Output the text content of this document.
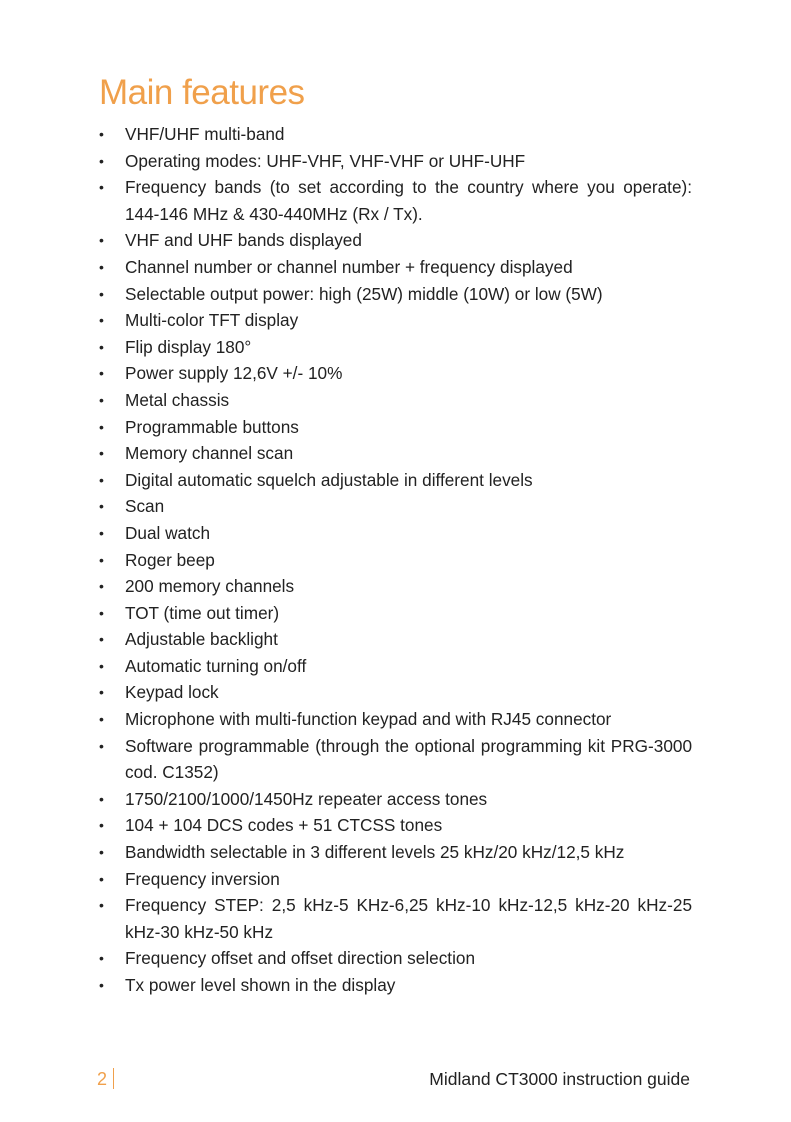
Main features
• VHF/UHF multi-band
• Operating modes: UHF-VHF, VHF-VHF or UHF-UHF
• Frequency bands (to set according to the country where you operate): 144-146 MHz & 430-440MHz (Rx / Tx).
• VHF and UHF bands displayed
• Channel number or channel number + frequency displayed
• Selectable output power: high (25W) middle (10W) or low (5W)
• Multi-color TFT display
• Flip display 180°
• Power supply 12,6V +/- 10%
• Metal chassis
• Programmable buttons
• Memory channel scan
• Digital automatic squelch adjustable in different levels
• Scan
• Dual watch
• Roger beep
• 200 memory channels
• TOT (time out timer)
• Adjustable backlight
• Automatic turning on/off
• Keypad lock
• Microphone with multi-function keypad and with RJ45 connector
• Software programmable (through the optional programming kit PRG-3000 cod. C1352)
• 1750/2100/1000/1450Hz repeater access tones
• 104 + 104 DCS codes + 51 CTCSS tones
• Bandwidth selectable in 3 different levels 25 kHz/20 kHz/12,5 kHz
• Frequency inversion
• Frequency STEP: 2,5 kHz-5 KHz-6,25 kHz-10 kHz-12,5 kHz-20 kHz-25 kHz-30 kHz-50 kHz
• Frequency offset and offset direction selection
• Tx power level shown in the display
2	Midland CT3000 instruction guide
